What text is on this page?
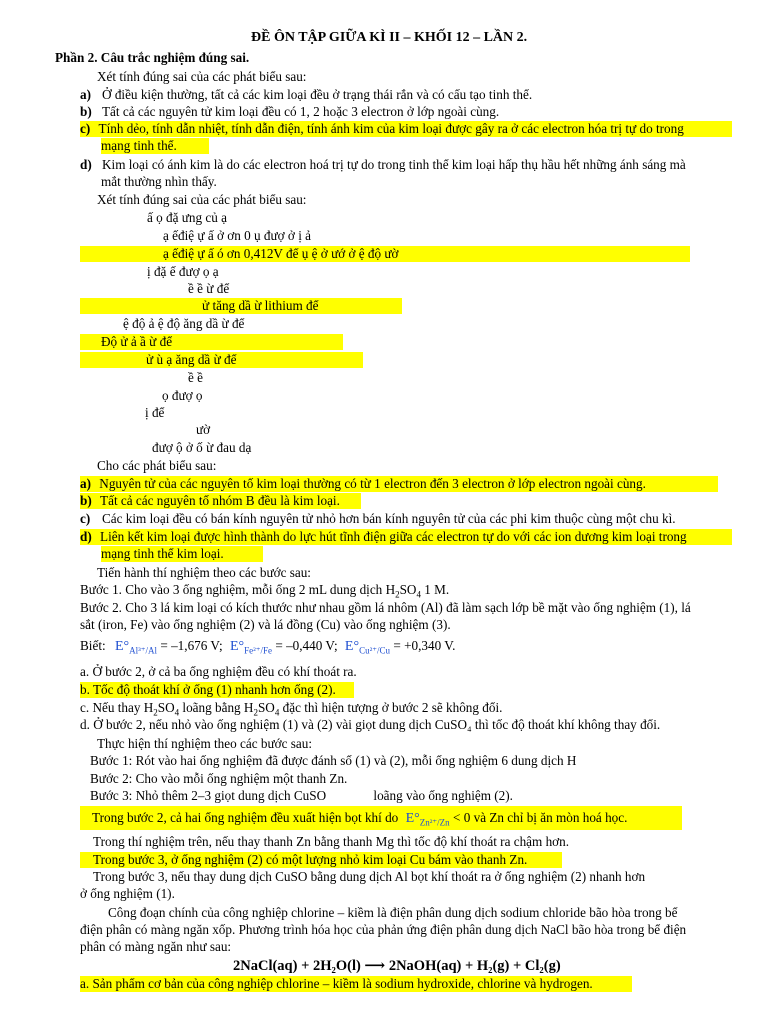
ĐỀ ÔN TẬP GIỮA KÌ II – KHỐI 12 – LẦN 2.
Phần 2. Câu trắc nghiệm đúng sai.
Xét tính đúng sai của các phát biểu sau:
a) Ở điều kiện thường, tất cả các kim loại đều ở trạng thái rắn và có cấu tạo tinh thể.
b) Tất cả các nguyên tử kim loại đều có 1, 2 hoặc 3 electron ở lớp ngoài cùng.
c) Tính dẻo, tính dẫn nhiệt, tính dẫn điện, tính ánh kim của kim loại được gây ra ở các electron hóa trị tự do trong
mạng tinh thể.
d) Kim loại có ánh kim là do các electron hoá trị tự do trong tinh thể kim loại hấp thụ hầu hết những ánh sáng mà
mắt thường nhìn thấy.
Xét tính đúng sai của các phát biểu sau:
ấ ọ đặ ưng củ ạ
ạ ếđiệ ự ấ ở ơn 0 ụ đượ ở ị ả
ạ ếđiệ ự ấ ó ơn 0,412V để ụ ệ ở ướ ở ệ độ ườ
ị đặ ế đượ ọ ạ
ề ề ừ để
ử tăng dầ ừ lithium để
ệ độ ả ệ độ ăng dầ ừ để
Độ ử ả ầ ừ để
ử ù ạ ăng dầ ừ để
ề ề
ọ đượ ọ
ị để
ườ
đượ ộ ở ố ừ đau dạ
Cho các phát biểu sau:
a) Nguyên tử của các nguyên tố kim loại thường có từ 1 electron đến 3 electron ở lớp electron ngoài cùng.
b) Tất cả các nguyên tố nhóm B đều là kim loại.
c) Các kim loại đều có bán kính nguyên tử nhỏ hơn bán kính nguyên tử của các phi kim thuộc cùng một chu kì.
d) Liên kết kim loại được hình thành do lực hút tĩnh điện giữa các electron tự do với các ion dương kim loại trong
mạng tinh thể kim loại.
Tiến hành thí nghiệm theo các bước sau:
Bước 1. Cho vào 3 ống nghiệm, mỗi ống 2 mL dung dịch $H_2SO_4$ 1 M.
Bước 2. Cho 3 lá kim loại có kích thước như nhau gồm lá nhôm (Al) đã làm sạch lớp bề mặt vào ống nghiệm (1), lá
sắt (iron, Fe) vào ống nghiệm (2) và lá đồng (Cu) vào ống nghiệm (3).
Biết: $E^\circ_{Al^{3+}/Al} = -1,676$ V; $E^\circ_{Fe^{2+}/Fe} = -0,440$ V; $E^\circ_{Cu^{2+}/Cu} = +0,340$ V.
a. Ở bước 2, ở cả ba ống nghiệm đều có khí thoát ra.
b. Tốc độ thoát khí ở ống (1) nhanh hơn ống (2).
c. Nếu thay $H_2SO_4$ loãng bằng $H_2SO_4$ đặc thì hiện tượng ở bước 2 sẽ không đổi.
d. Ở bước 2, nếu nhỏ vào ống nghiệm (1) và (2) vài giọt dung dịch CuSO₄ thì tốc độ thoát khí không thay đổi.
Thực hiện thí nghiệm theo các bước sau:
Bước 1: Rót vào hai ống nghiệm đã được đánh số (1) và (2), mỗi ống nghiệm 6 dung dịch H
Bước 2: Cho vào mỗi ống nghiệm một thanh Zn.
Bước 3: Nhỏ thêm 2–3 giọt dung dịch CuSO	loãng vào ống nghiệm (2).
Trong bước 2, cả hai ống nghiệm đều xuất hiện bọt khí do $E^\circ_{Zn^{2+}/Zn} < 0$ và Zn chỉ bị ăn mòn hoá học.
Trong thí nghiệm trên, nếu thay thanh Zn bằng thanh Mg thì tốc độ khí thoát ra chậm hơn.
Trong bước 3, ở ống nghiệm (2) có một lượng nhỏ kim loại Cu bám vào thanh Zn.
Trong bước 3, nếu thay dung dịch CuSO bằng dung dịch Al bọt khí thoát ra ở ống nghiệm (2) nhanh hơn
ở ống nghiệm (1).
Công đoạn chính của công nghiệp chlorine – kiềm là điện phân dung dịch sodium chloride bão hòa trong bể
điện phân có màng ngăn xốp. Phương trình hóa học của phản ứng điện phân dung dịch NaCl bão hòa trong bể điện
phân có màng ngăn như sau:
2NaCl(aq) + 2H₂O(l) ⟶ 2NaOH(aq) + H₂(g) + Cl₂(g)
a. Sản phẩm cơ bản của công nghiệp chlorine – kiềm là sodium hydroxide, chlorine và hydrogen.
